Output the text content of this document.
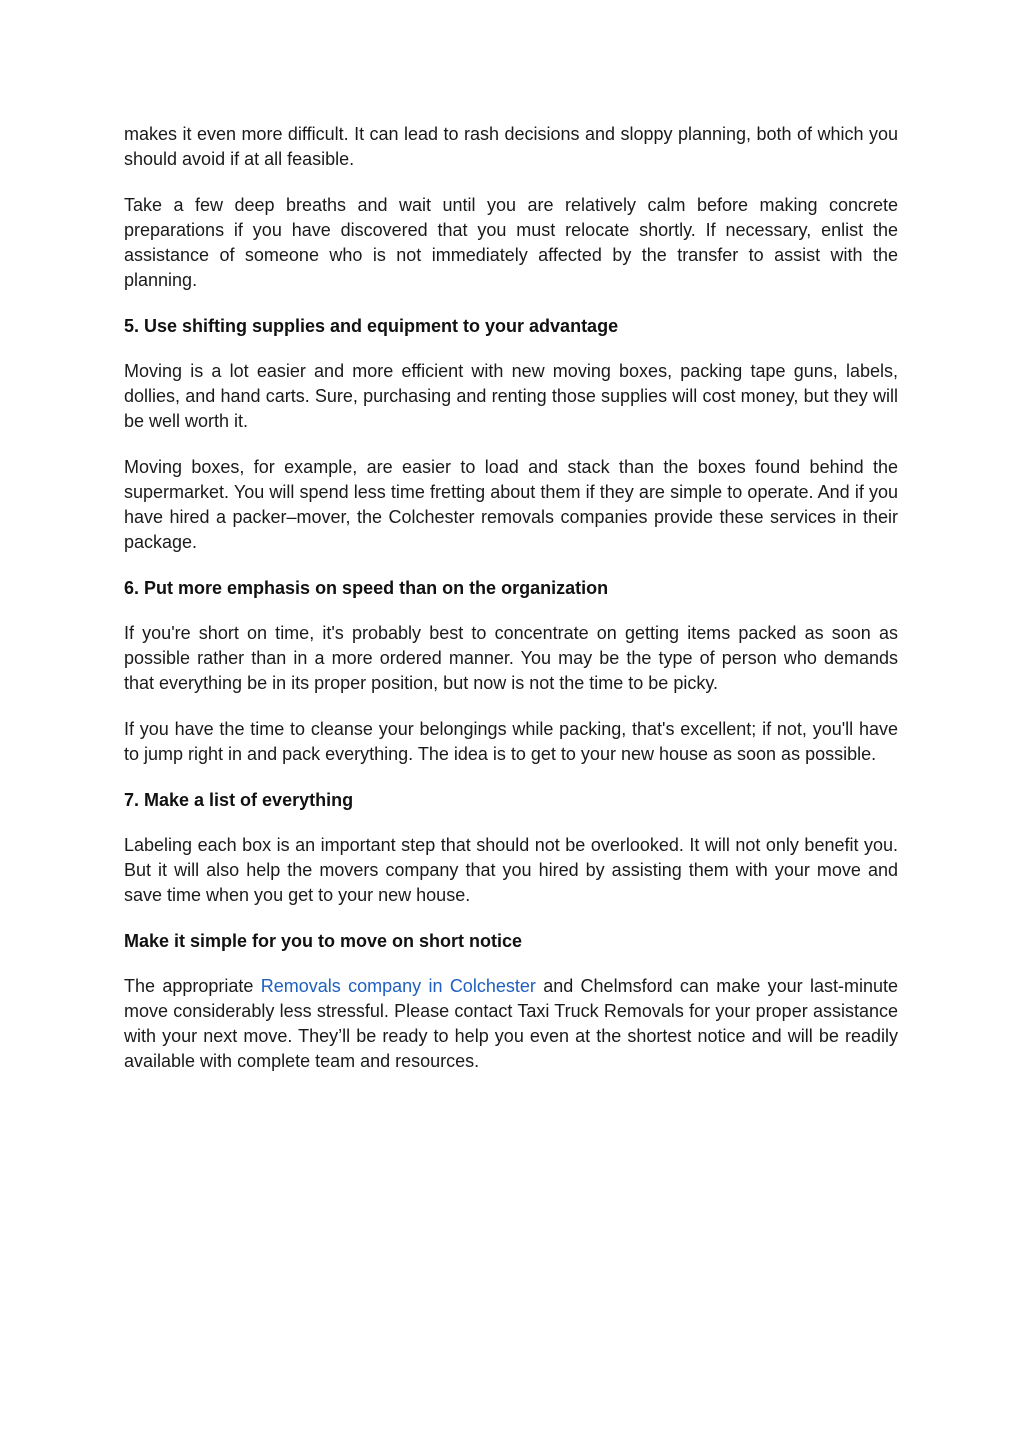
makes it even more difficult. It can lead to rash decisions and sloppy planning, both of which you should avoid if at all feasible.

Take a few deep breaths and wait until you are relatively calm before making concrete preparations if you have discovered that you must relocate shortly. If necessary, enlist the assistance of someone who is not immediately affected by the transfer to assist with the planning.

5. Use shifting supplies and equipment to your advantage

Moving is a lot easier and more efficient with new moving boxes, packing tape guns, labels, dollies, and hand carts. Sure, purchasing and renting those supplies will cost money, but they will be well worth it.

Moving boxes, for example, are easier to load and stack than the boxes found behind the supermarket. You will spend less time fretting about them if they are simple to operate. And if you have hired a packer–mover, the Colchester removals companies provide these services in their package.

6. Put more emphasis on speed than on the organization

If you're short on time, it's probably best to concentrate on getting items packed as soon as possible rather than in a more ordered manner. You may be the type of person who demands that everything be in its proper position, but now is not the time to be picky.

If you have the time to cleanse your belongings while packing, that's excellent; if not, you'll have to jump right in and pack everything. The idea is to get to your new house as soon as possible.

7. Make a list of everything

Labeling each box is an important step that should not be overlooked. It will not only benefit you. But it will also help the movers company that you hired by assisting them with your move and save time when you get to your new house.

Make it simple for you to move on short notice

The appropriate Removals company in Colchester and Chelmsford can make your last-minute move considerably less stressful. Please contact Taxi Truck Removals for your proper assistance with your next move. They’ll be ready to help you even at the shortest notice and will be readily available with complete team and resources.
